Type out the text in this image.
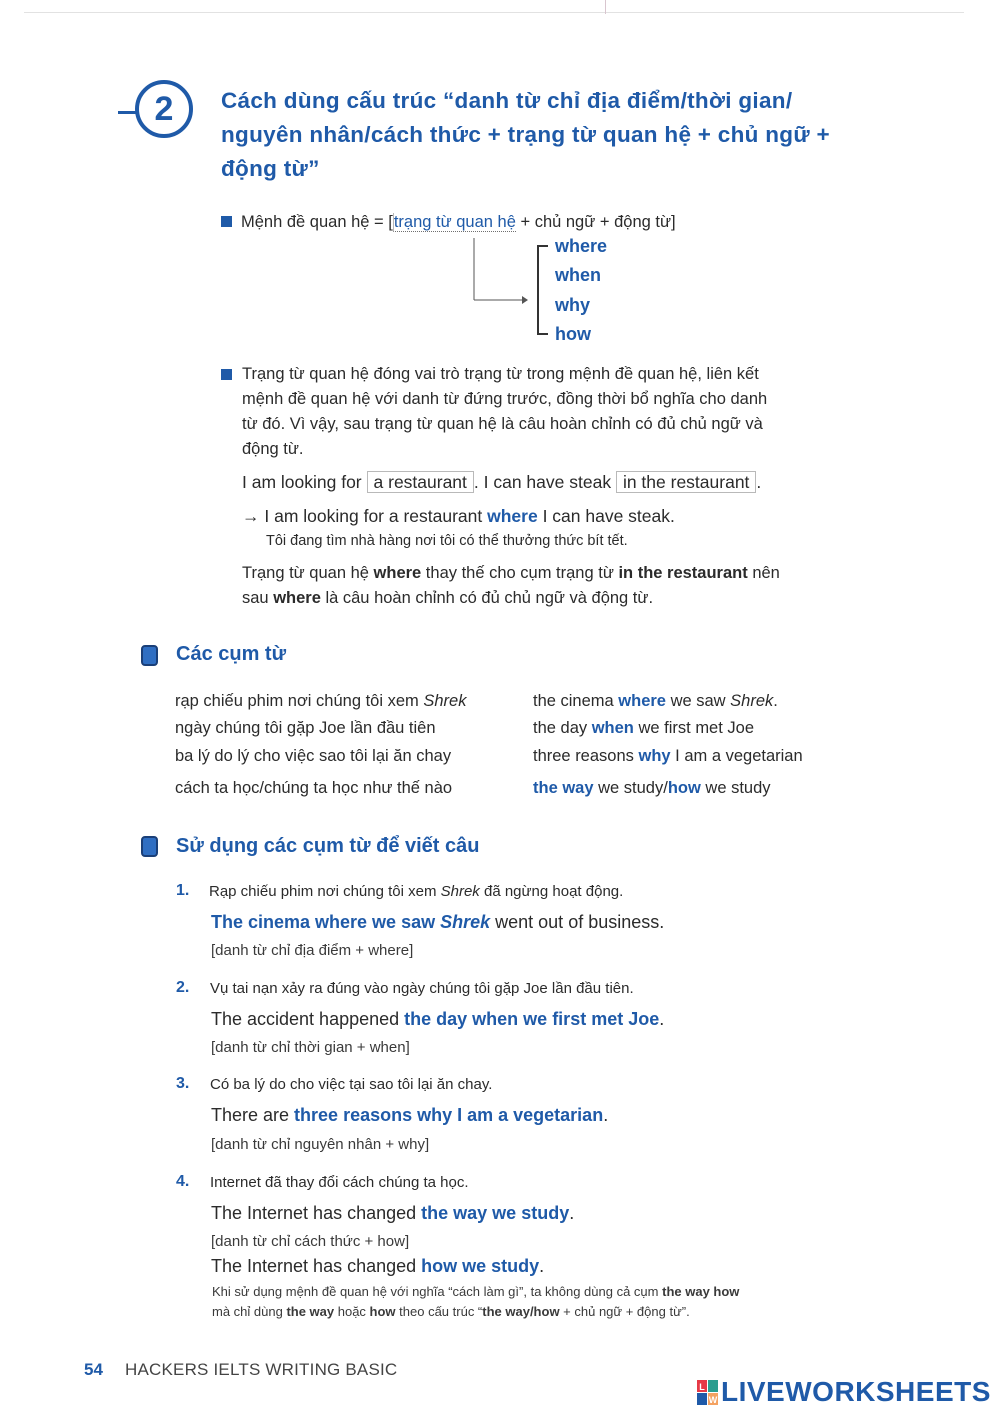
2	Cách dùng cấu trúc “danh từ chỉ địa điểm/thời gian/
nguyên nhân/cách thức + trạng từ quan hệ + chủ ngữ +
động từ”
Mệnh đề quan hệ = [trạng từ quan hệ + chủ ngữ + động từ]
where
when
why
how
Trạng từ quan hệ đóng vai trò trạng từ trong mệnh đề quan hệ, liên kết
mệnh đề quan hệ với danh từ đứng trước, đồng thời bổ nghĩa cho danh
từ đó. Vì vậy, sau trạng từ quan hệ là câu hoàn chỉnh có đủ chủ ngữ và
động từ.
I am looking for a restaurant . I can have steak in the restaurant .
→ I am looking for a restaurant where I can have steak.
Tôi đang tìm nhà hàng nơi tôi có thể thưởng thức bít tết.
Trạng từ quan hệ where thay thế cho cụm trạng từ in the restaurant nên
sau where là câu hoàn chỉnh có đủ chủ ngữ và động từ.
Các cụm từ
rạp chiếu phim nơi chúng tôi xem Shrek	the cinema where we saw Shrek.
ngày chúng tôi gặp Joe lần đầu tiên	the day when we first met Joe
ba lý do lý cho việc sao tôi lại ăn chay	three reasons why I am a vegetarian
cách ta học/chúng ta học như thế nào	the way we study/how we study
Sử dụng các cụm từ để viết câu
1. Rạp chiếu phim nơi chúng tôi xem Shrek đã ngừng hoạt động.
The cinema where we saw Shrek went out of business.
[danh từ chỉ địa điểm + where]
2. Vụ tai nạn xảy ra đúng vào ngày chúng tôi gặp Joe lần đầu tiên.
The accident happened the day when we first met Joe.
[danh từ chỉ thời gian + when]
3. Có ba lý do cho việc tại sao tôi lại ăn chay.
There are three reasons why I am a vegetarian.
[danh từ chỉ nguyên nhân + why]
4. Internet đã thay đổi cách chúng ta học.
The Internet has changed the way we study.
[danh từ chỉ cách thức + how]
The Internet has changed how we study.
Khi sử dụng mệnh đề quan hệ với nghĩa “cách làm gì”, ta không dùng cả cụm the way how
mà chỉ dùng the way hoặc how theo cấu trúc “the way/how + chủ ngữ + động từ”.
54 HACKERS IELTS WRITING BASIC
L
W LIVEWORKSHEETS
